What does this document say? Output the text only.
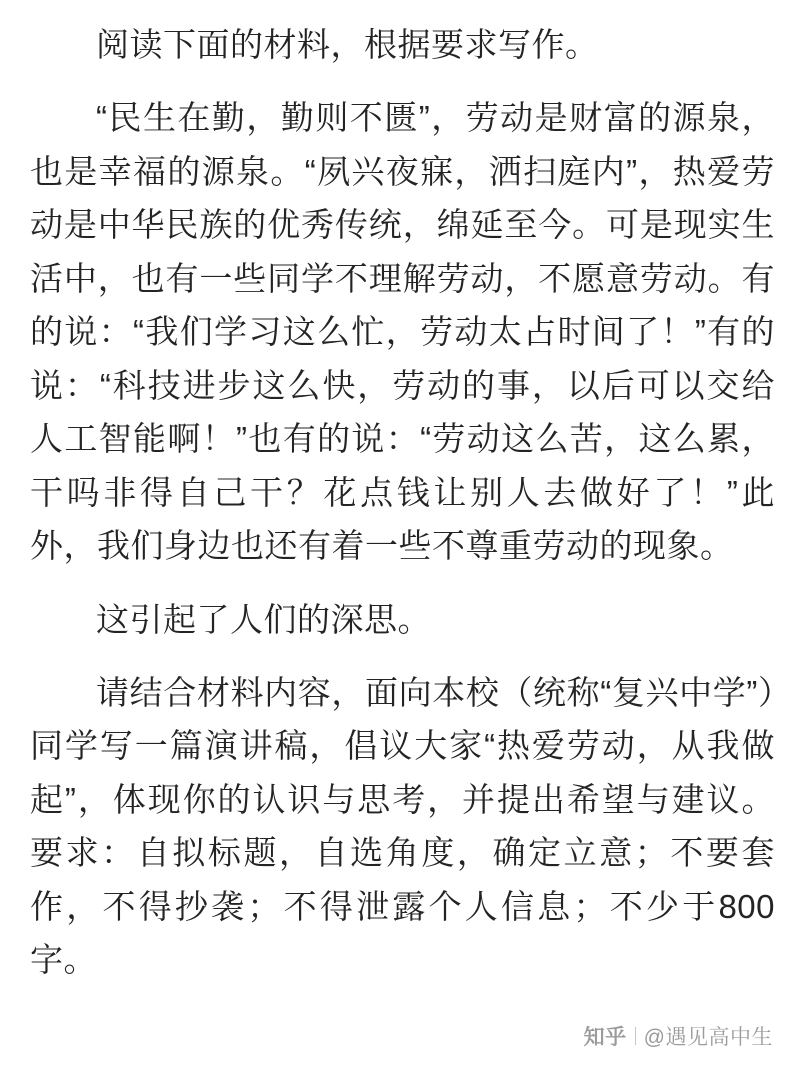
阅读下面的材料，根据要求写作。

“民生在勤，勤则不匮”，劳动是财富的源泉，也是幸福的源泉。“夙兴夜寐，洒扫庭内”，热爱劳动是中华民族的优秀传统，绵延至今。可是现实生活中，也有一些同学不理解劳动，不愿意劳动。有的说：“我们学习这么忙，劳动太占时间了！”有的说：“科技进步这么快，劳动的事，以后可以交给人工智能啊！”也有的说：“劳动这么苦，这么累，干吗非得自己干？花点钱让别人去做好了！”此外，我们身边也还有着一些不尊重劳动的现象。

这引起了人们的深思。

请结合材料内容，面向本校（统称“复兴中学”）同学写一篇演讲稿，倡议大家“热爱劳动，从我做起”，体现你的认识与思考，并提出希望与建议。要求：自拟标题，自选角度，确定立意；不要套作，不得抄袭；不得泄露个人信息；不少于800字。

知乎 @遇见高中生
